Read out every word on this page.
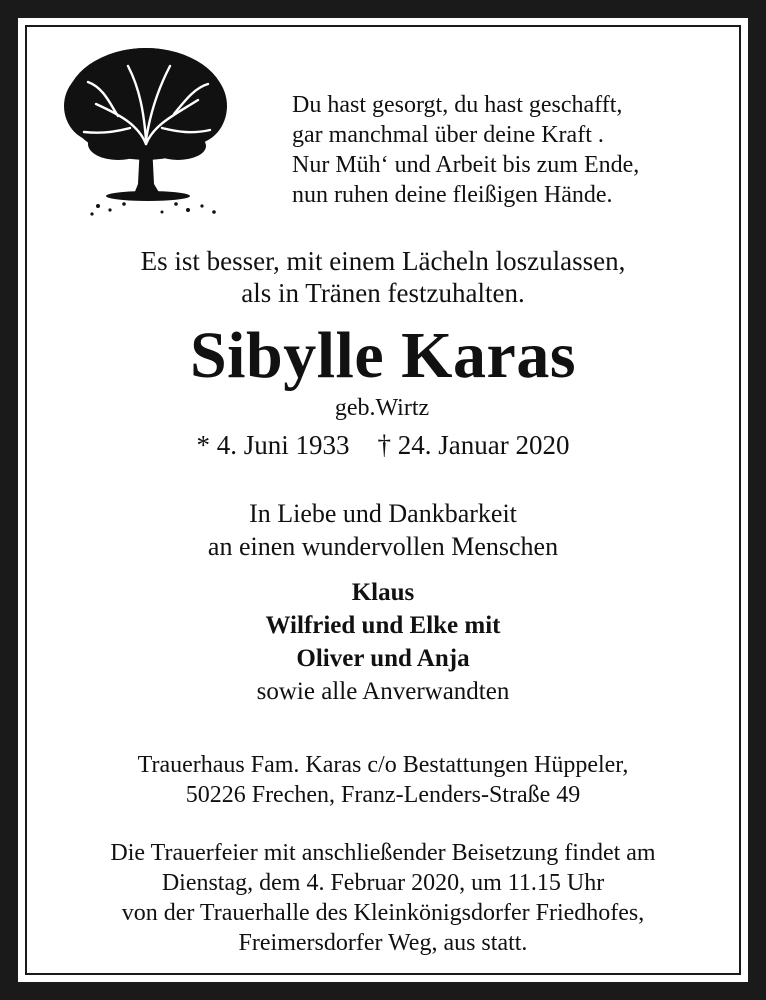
Du hast gesorgt, du hast geschafft,
gar manchmal über deine Kraft .
Nur Müh‘ und Arbeit bis zum Ende,
nun ruhen deine fleißigen Hände.
Es ist besser, mit einem Lächeln loszulassen,
als in Tränen festzuhalten.
Sibylle Karas
geb.Wirtz
* 4. Juni 1933 † 24. Januar 2020
In Liebe und Dankbarkeit
an einen wundervollen Menschen
Klaus
Wilfried und Elke mit
Oliver und Anja
sowie alle Anverwandten
Trauerhaus Fam. Karas c/o Bestattungen Hüppeler,
50226 Frechen, Franz-Lenders-Straße 49
Die Trauerfeier mit anschließender Beisetzung findet am
Dienstag, dem 4. Februar 2020, um 11.15 Uhr
von der Trauerhalle des Kleinkönigsdorfer Friedhofes,
Freimersdorfer Weg, aus statt.
